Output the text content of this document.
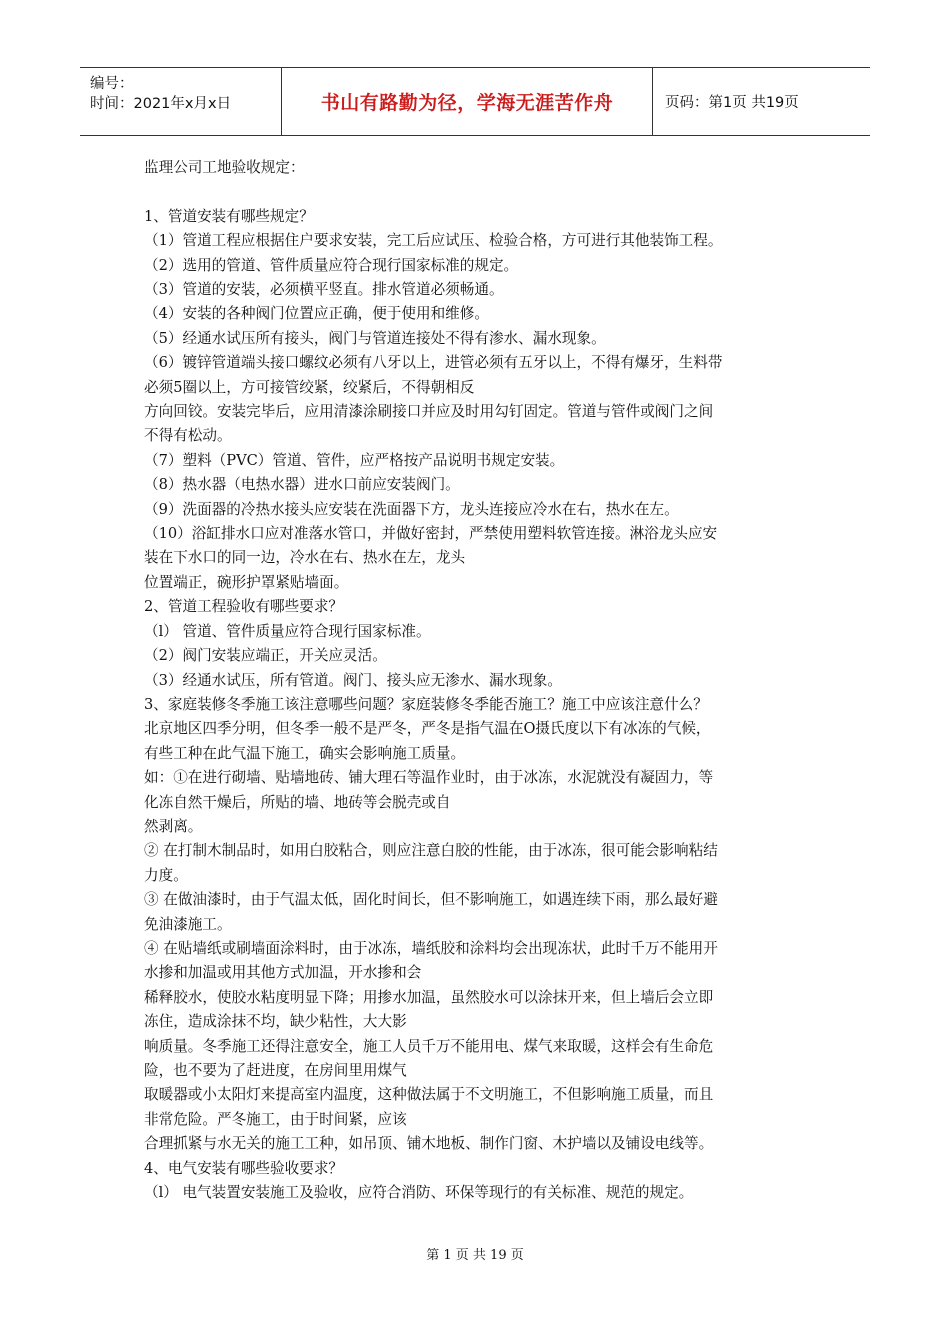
编号：
时间：2021年x月x日	书山有路勤为径，学海无涯苦作舟	页码：第1页 共19页

监理公司工地验收规定：

1、管道安装有哪些规定？

（1）管道工程应根据住户要求安装，完工后应试压、检验合格，方可进行其他装饰工程。

（2）选用的管道、管件质量应符合现行国家标准的规定。

（3）管道的安装，必须横平竖直。排水管道必须畅通。

（4）安装的各种阀门位置应正确，便于使用和维修。

（5）经通水试压所有接头，阀门与管道连接处不得有渗水、漏水现象。

（6）镀锌管道端头接口螺纹必须有八牙以上，进管必须有五牙以上，不得有爆牙，生料带

必须5圈以上，方可接管绞紧，绞紧后，不得朝相反

方向回铰。安装完毕后，应用清漆涂刷接口并应及时用勾钉固定。管道与管件或阀门之间

不得有松动。

（7）塑料（PVC）管道、管件，应严格按产品说明书规定安装。

（8）热水器（电热水器）进水口前应安装阀门。

（9）洗面器的冷热水接头应安装在洗面器下方，龙头连接应冷水在右，热水在左。

（10）浴缸排水口应对准落水管口，并做好密封，严禁使用塑料软管连接。淋浴龙头应安

装在下水口的同一边，冷水在右、热水在左，龙头

位置端正，碗形护罩紧贴墙面。

2、管道工程验收有哪些要求？

（l） 管道、管件质量应符合现行国家标准。

（2）阀门安装应端正，开关应灵活。

（3）经通水试压，所有管道。阀门、接头应无渗水、漏水现象。

3、家庭装修冬季施工该注意哪些问题？家庭装修冬季能否施工？施工中应该注意什么？

北京地区四季分明，但冬季一般不是严冬，严冬是指气温在O摄氏度以下有冰冻的气候，

有些工种在此气温下施工，确实会影响施工质量。

如：①在进行砌墙、贴墙地砖、铺大理石等温作业时，由于冰冻，水泥就没有凝固力，等

化冻自然干燥后，所贴的墙、地砖等会脱壳或自

然剥离。

② 在打制木制品时，如用白胶粘合，则应注意白胶的性能，由于冰冻，很可能会影响粘结

力度。

③ 在做油漆时，由于气温太低，固化时间长，但不影响施工，如遇连续下雨，那么最好避

免油漆施工。

④ 在贴墙纸或刷墙面涂料时，由于冰冻，墙纸胶和涂料均会出现冻状，此时千万不能用开

水掺和加温或用其他方式加温，开水掺和会

稀释胶水，使胶水粘度明显下降；用掺水加温，虽然胶水可以涂抹开来，但上墙后会立即

冻住，造成涂抹不均，缺少粘性，大大影

响质量。冬季施工还得注意安全，施工人员千万不能用电、煤气来取暖，这样会有生命危

险，也不要为了赶进度，在房间里用煤气

取暖器或小太阳灯来提高室内温度，这种做法属于不文明施工，不但影响施工质量，而且

非常危险。严冬施工，由于时间紧，应该

合理抓紧与水无关的施工工种，如吊顶、铺木地板、制作门窗、木护墙以及铺设电线等。

4、电气安装有哪些验收要求？

（l） 电气装置安装施工及验收，应符合消防、环保等现行的有关标准、规范的规定。

第 1 页 共 19 页
